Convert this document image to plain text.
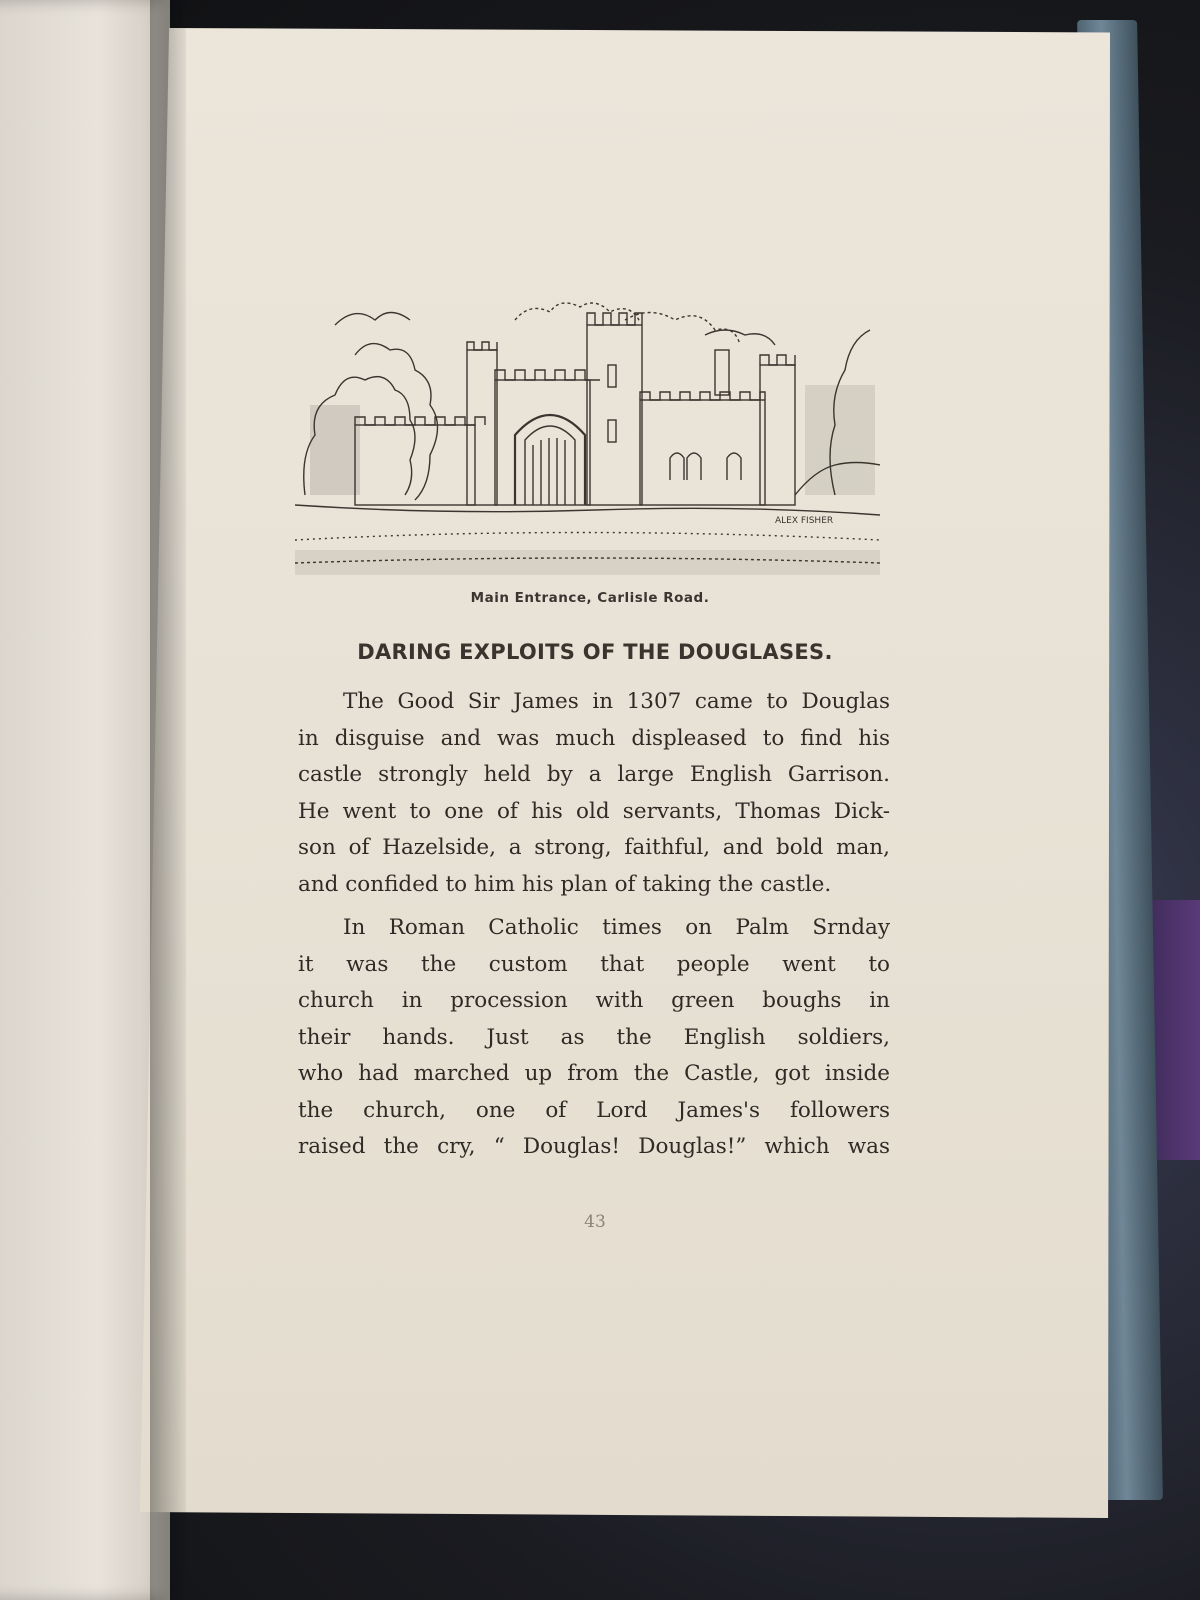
ALEX FISHER
Main Entrance, Carlisle Road.
DARING EXPLOITS OF THE DOUGLASES.
The Good Sir James in 1307 came to Douglas
in disguise and was much displeased to find his
castle strongly held by a large English Garrison.
He went to one of his old servants, Thomas Dick-
son of Hazelside, a strong, faithful, and bold man,
and confided to him his plan of taking the castle.
In Roman Catholic times on Palm Srnday
it was the custom that people went to
church in procession with green boughs in
their hands. Just as the English soldiers,
who had marched up from the Castle, got inside
the church, one of Lord James's followers
raised the cry, “ Douglas! Douglas!” which was
43
